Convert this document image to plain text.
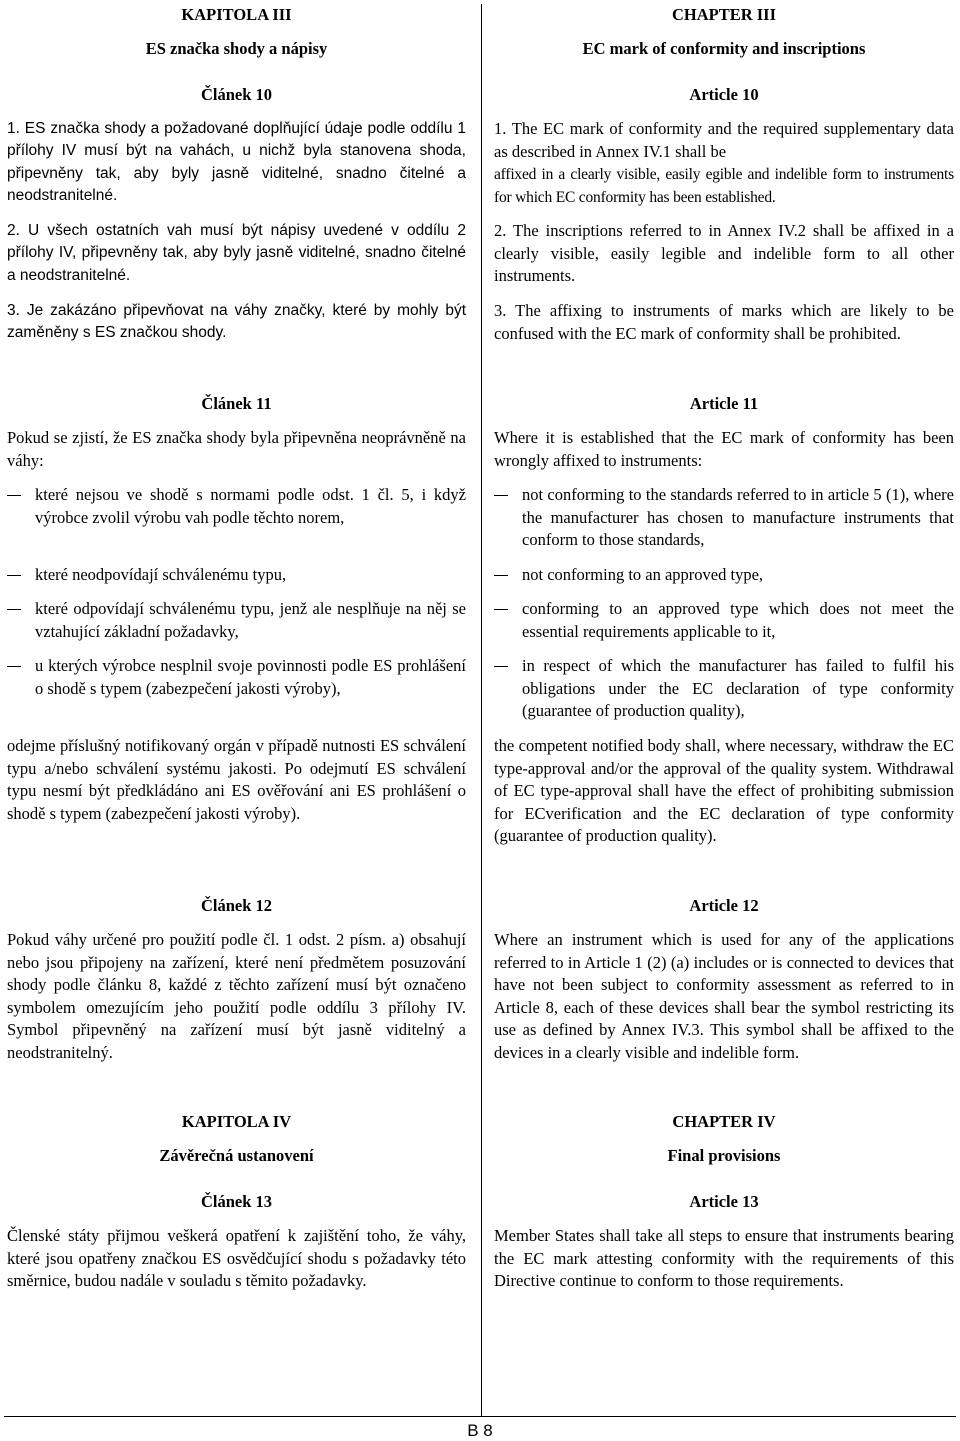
KAPITOLA III
ES značka shody a nápisy
Článek 10
1. ES značka shody a požadované doplňující údaje podle oddílu 1 přílohy IV musí být na vahách, u nichž byla stanovena shoda, připevněny tak, aby byly jasně viditelné, snadno čitelné a neodstranitelné.
2. U všech ostatních vah musí být nápisy uvedené v oddílu 2 přílohy IV, připevněny tak, aby byly jasně viditelné, snadno čitelné a neodstranitelné.
3. Je zakázáno připevňovat na váhy značky, které by mohly být zaměněny s ES značkou shody.
Článek 11
Pokud se zjistí, že ES značka shody byla připevněna neoprávněně na váhy:
které nejsou ve shodě s normami podle odst. 1 čl. 5, i když výrobce zvolil výrobu vah podle těchto norem,
které neodpovídají schválenému typu,
které odpovídají schválenému typu, jenž ale nesplňuje na něj se vztahující základní požadavky,
u kterých výrobce nesplnil svoje povinnosti podle ES prohlášení o shodě s typem (zabezpečení jakosti výroby),
odejme příslušný notifikovaný orgán v případě nutnosti ES schválení typu a/nebo schválení systému jakosti. Po odejmutí ES schválení typu nesmí být předkládáno ani ES ověřování ani ES prohlášení o shodě s typem (zabezpečení jakosti výroby).
Článek 12
Pokud váhy určené pro použití podle čl. 1 odst. 2 písm. a) obsahují nebo jsou připojeny na zařízení, které není předmětem posuzování shody podle článku 8, každé z těchto zařízení musí být označeno symbolem omezujícím jeho použití podle oddílu 3 přílohy IV. Symbol připevněný na zařízení musí být jasně viditelný a neodstranitelný.
KAPITOLA IV
Závěrečná ustanovení
Článek 13
Členské státy přijmou veškerá opatření k zajištění toho, že váhy, které jsou opatřeny značkou ES osvědčující shodu s požadavky této směrnice, budou nadále v souladu s těmito požadavky.
CHAPTER III
EC mark of conformity and inscriptions
Article 10
1. The EC mark of conformity and the required supplementary data as described in Annex IV.1 shall be
affixed in a clearly visible, easily egible and indelible form to instruments for which EC conformity has been established.
2. The inscriptions referred to in Annex IV.2 shall be affixed in a clearly visible, easily legible and indelible form to all other instruments.
3. The affixing to instruments of marks which are likely to be confused with the EC mark of conformity shall be prohibited.
Article 11
Where it is established that the EC mark of conformity has been wrongly affixed to instruments:
not conforming to the standards referred to in article 5 (1), where the manufacturer has chosen to manufacture instruments that conform to those standards,
not conforming to an approved type,
conforming to an approved type which does not meet the essential requirements applicable to it,
in respect of which the manufacturer has failed to fulfil his obligations under the EC declaration of type conformity (guarantee of production quality),
the competent notified body shall, where necessary, withdraw the EC type-approval and/or the approval of the quality system. Withdrawal of EC type-approval shall have the effect of prohibiting submission for ECverification and the EC declaration of type conformity (guarantee of production quality).
Article 12
Where an instrument which is used for any of the applications referred to in Article 1 (2) (a) includes or is connected to devices that have not been subject to conformity assessment as referred to in Article 8, each of these devices shall bear the symbol restricting its use as defined by Annex IV.3. This symbol shall be affixed to the devices in a clearly visible and indelible form.
CHAPTER IV
Final provisions
Article 13
Member States shall take all steps to ensure that instruments bearing the EC mark attesting conformity with the requirements of this Directive continue to conform to those requirements.
B 8
